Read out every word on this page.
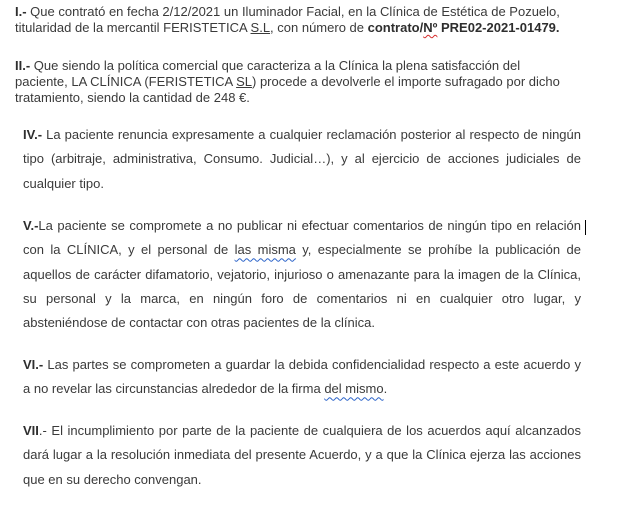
I.- Que contrató en fecha 2/12/2021 un Iluminador Facial, en la Clínica de Estética de Pozuelo, titularidad de la mercantil FERISTETICA S.L, con número de contrato/Nº PRE02-2021-01479.

II.- Que siendo la política comercial que caracteriza a la Clínica la plena satisfacción del paciente, LA CLÍNICA (FERISTETICA SL) procede a devolverle el importe sufragado por dicho tratamiento, siendo la cantidad de 248 €.

IV.- La paciente renuncia expresamente a cualquier reclamación posterior al respecto de ningún tipo (arbitraje, administrativa, Consumo. Judicial…), y al ejercicio de acciones judiciales de cualquier tipo.

V.-La paciente se compromete a no publicar ni efectuar comentarios de ningún tipo en relación con la CLÍNICA, y el personal de las misma y, especialmente se prohíbe la publicación de aquellos de carácter difamatorio, vejatorio, injurioso o amenazante para la imagen de la Clínica, su personal y la marca, en ningún foro de comentarios ni en cualquier otro lugar, y absteniéndose de contactar con otras pacientes de la clínica.

VI.- Las partes se comprometen a guardar la debida confidencialidad respecto a este acuerdo y a no revelar las circunstancias alrededor de la firma del mismo.

VII.- El incumplimiento por parte de la paciente de cualquiera de los acuerdos aquí alcanzados dará lugar a la resolución inmediata del presente Acuerdo, y a que la Clínica ejerza las acciones que en su derecho convengan.
